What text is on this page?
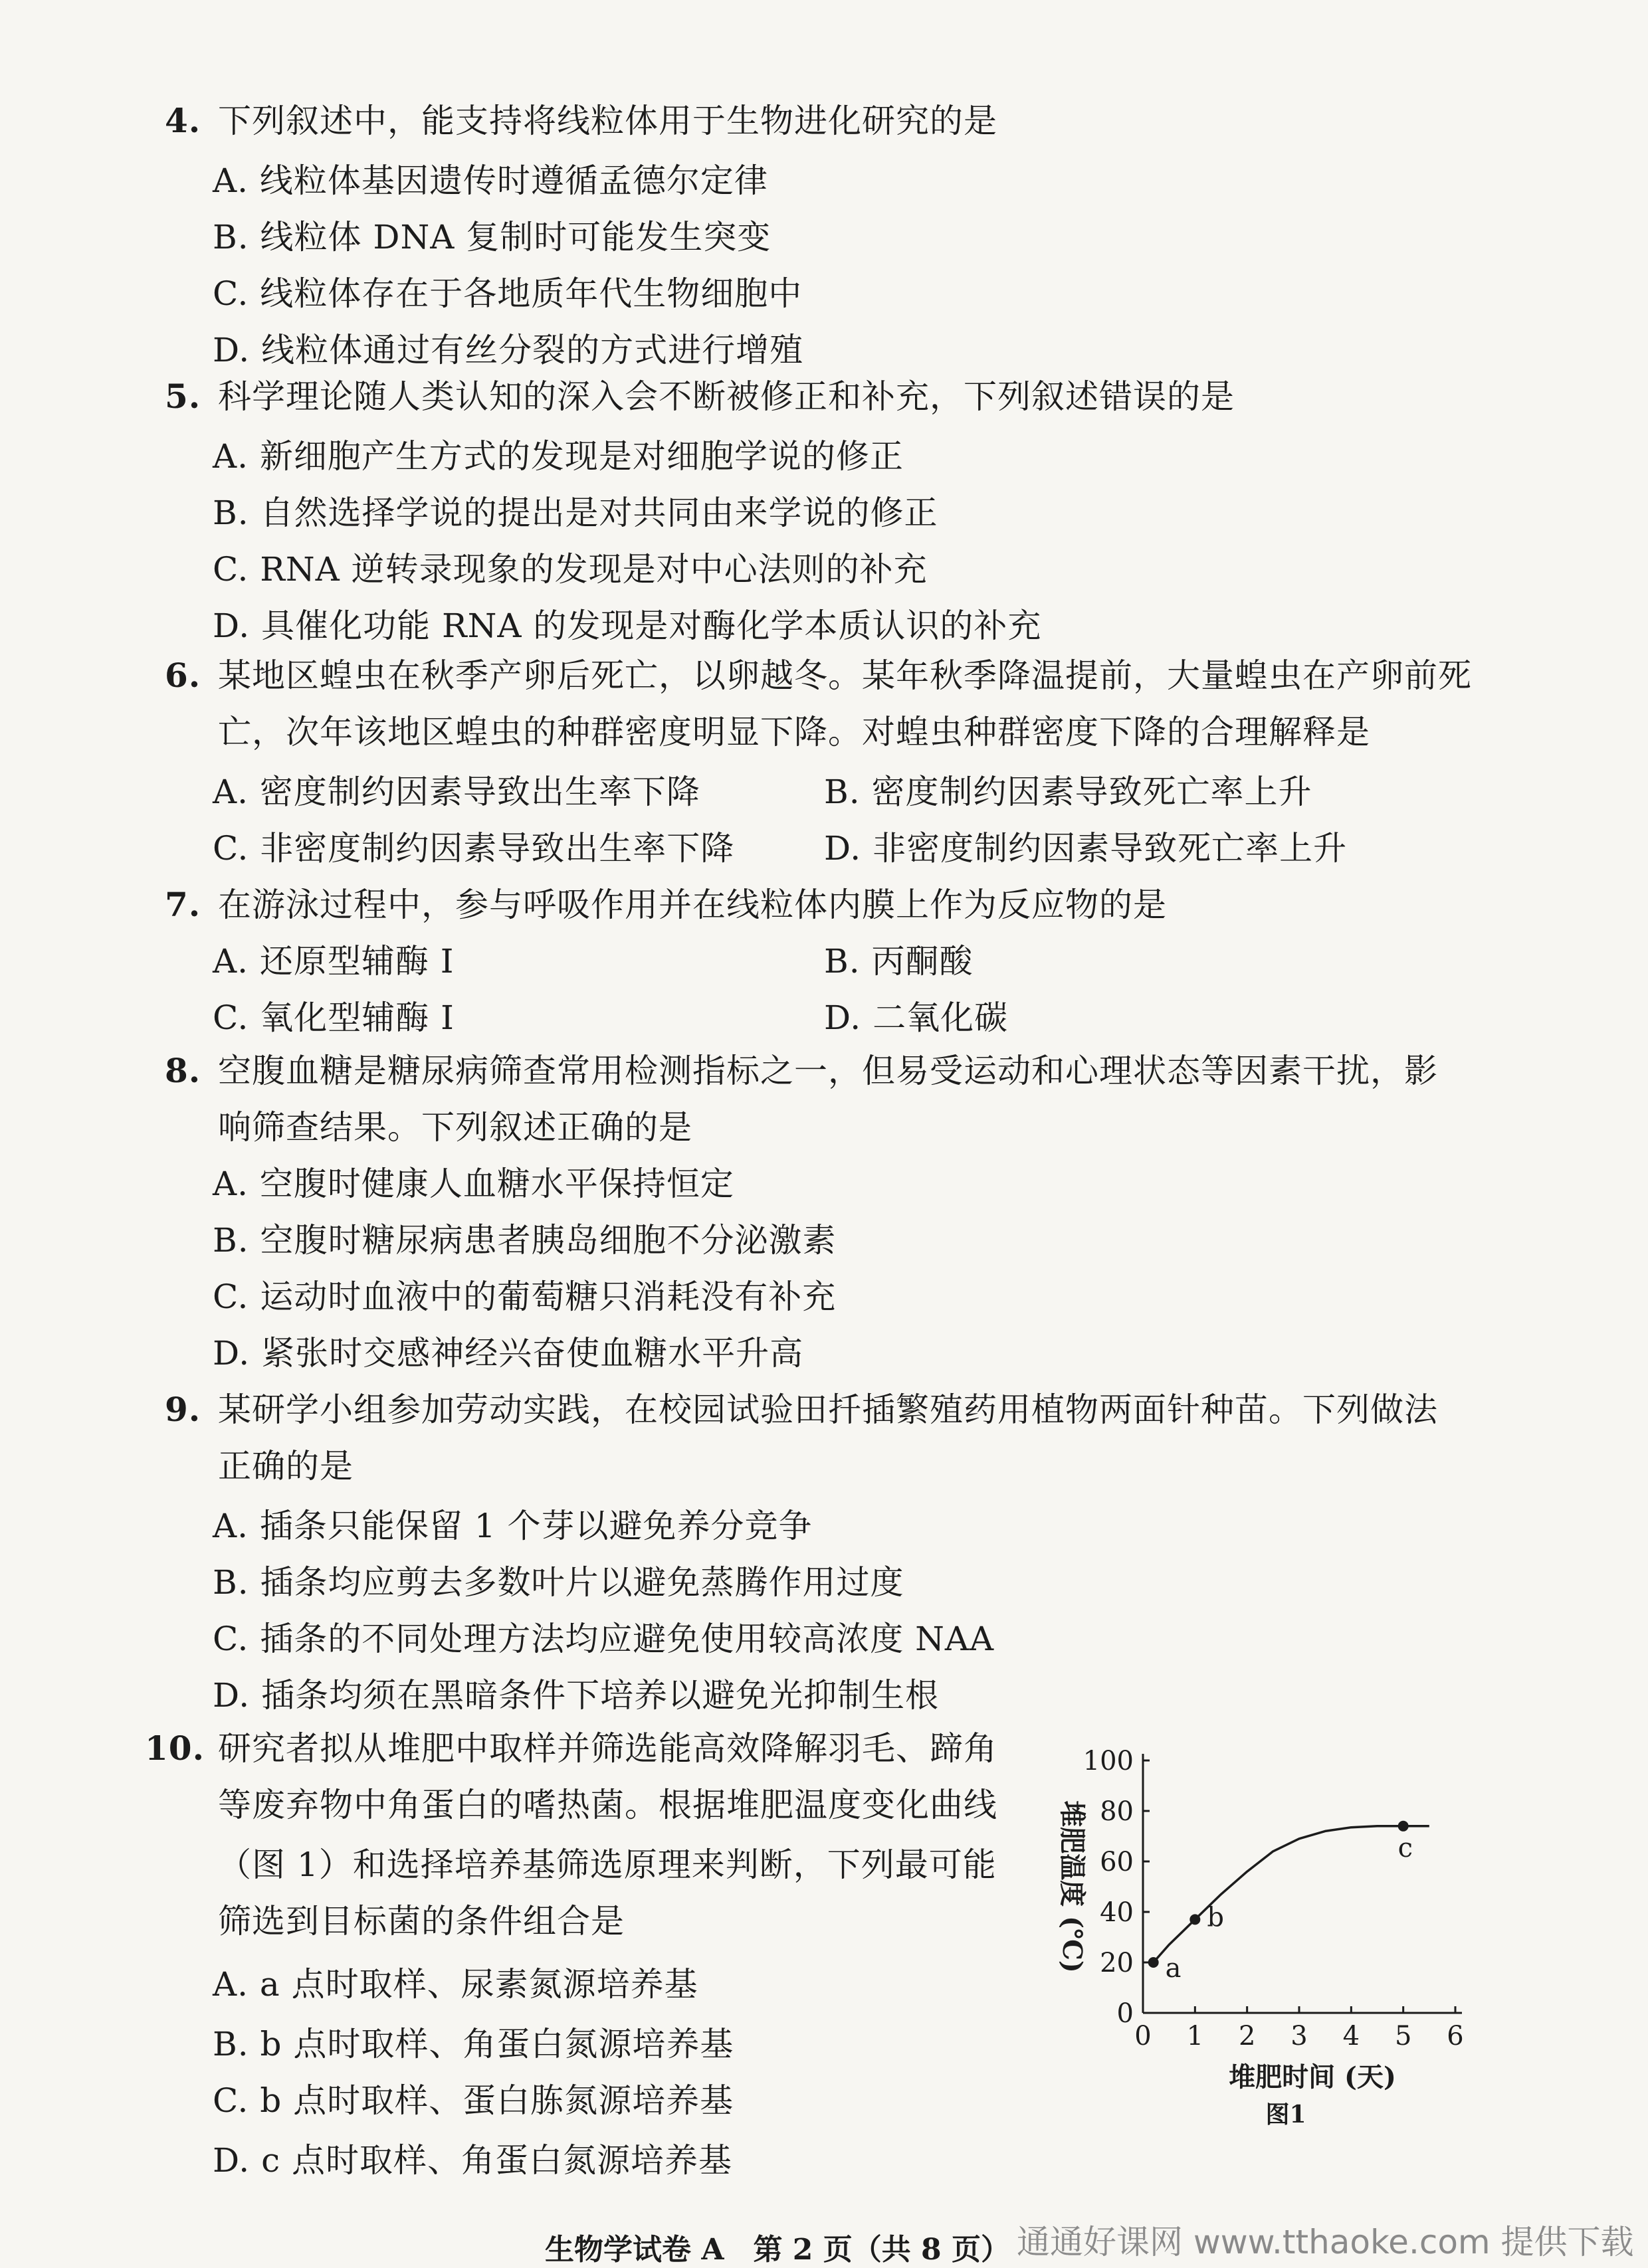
4. 下列叙述中，能支持将线粒体用于生物进化研究的是
A. 线粒体基因遗传时遵循孟德尔定律
B. 线粒体 DNA 复制时可能发生突变
C. 线粒体存在于各地质年代生物细胞中
D. 线粒体通过有丝分裂的方式进行增殖
5. 科学理论随人类认知的深入会不断被修正和补充，下列叙述错误的是
A. 新细胞产生方式的发现是对细胞学说的修正
B. 自然选择学说的提出是对共同由来学说的修正
C. RNA 逆转录现象的发现是对中心法则的补充
D. 具催化功能 RNA 的发现是对酶化学本质认识的补充
6. 某地区蝗虫在秋季产卵后死亡，以卵越冬。某年秋季降温提前，大量蝗虫在产卵前死
亡，次年该地区蝗虫的种群密度明显下降。对蝗虫种群密度下降的合理解释是
A. 密度制约因素导致出生率下降	B. 密度制约因素导致死亡率上升
C. 非密度制约因素导致出生率下降	D. 非密度制约因素导致死亡率上升
7. 在游泳过程中，参与呼吸作用并在线粒体内膜上作为反应物的是
A. 还原型辅酶 I	B. 丙酮酸
C. 氧化型辅酶 I	D. 二氧化碳
8. 空腹血糖是糖尿病筛查常用检测指标之一，但易受运动和心理状态等因素干扰，影
响筛查结果。下列叙述正确的是
A. 空腹时健康人血糖水平保持恒定
B. 空腹时糖尿病患者胰岛细胞不分泌激素
C. 运动时血液中的葡萄糖只消耗没有补充
D. 紧张时交感神经兴奋使血糖水平升高
9. 某研学小组参加劳动实践，在校园试验田扦插繁殖药用植物两面针种苗。下列做法
正确的是
A. 插条只能保留 1 个芽以避免养分竞争
B. 插条均应剪去多数叶片以避免蒸腾作用过度
C. 插条的不同处理方法均应避免使用较高浓度 NAA
D. 插条均须在黑暗条件下培养以避免光抑制生根
10. 研究者拟从堆肥中取样并筛选能高效降解羽毛、蹄角
等废弃物中角蛋白的嗜热菌。根据堆肥温度变化曲线
（图 1）和选择培养基筛选原理来判断，下列最可能
筛选到目标菌的条件组合是
A. a 点时取样、尿素氮源培养基
B. b 点时取样、角蛋白氮源培养基
C. b 点时取样、蛋白胨氮源培养基
D. c 点时取样、角蛋白氮源培养基
0
20
40
60
80
100
0 1 2 3 4 5 6
a
b
c
堆肥温度 (℃)
堆肥时间 (天)
图1
生物学试卷 A　第 2 页（共 8 页） 通通好课网 www.tthaoke.com 提供下载
